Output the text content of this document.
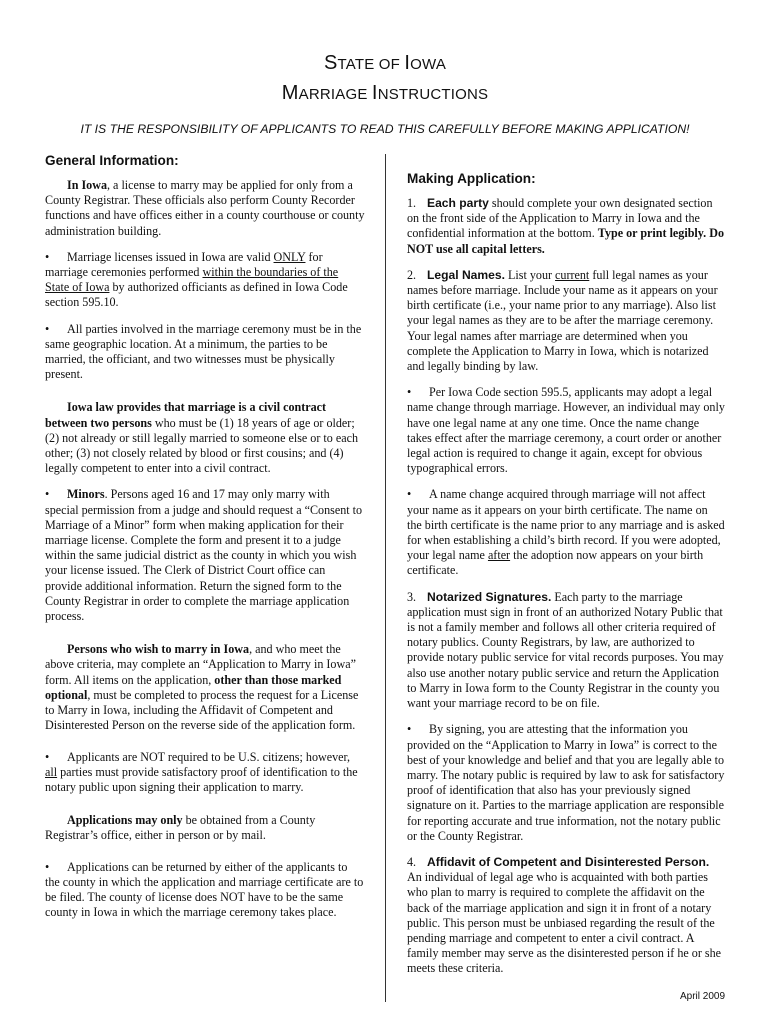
STATE OF IOWA
MARRIAGE INSTRUCTIONS
IT IS THE RESPONSIBILITY OF APPLICANTS TO READ THIS CAREFULLY BEFORE MAKING APPLICATION!
General Information:

In Iowa, a license to marry may be applied for only from a County Registrar. These officials also perform County Recorder functions and have offices either in a county courthouse or county administration building.

• Marriage licenses issued in Iowa are valid ONLY for marriage ceremonies performed within the boundaries of the State of Iowa by authorized officiants as defined in Iowa Code section 595.10.

• All parties involved in the marriage ceremony must be in the same geographic location. At a minimum, the parties to be married, the officiant, and two witnesses must be physically present.

Iowa law provides that marriage is a civil contract between two persons who must be (1) 18 years of age or older; (2) not already or still legally married to someone else or to each other; (3) not closely related by blood or first cousins; and (4) legally competent to enter into a civil contract.

• Minors. Persons aged 16 and 17 may only marry with special permission from a judge and should request a “Consent to Marriage of a Minor” form when making application for their marriage license. Complete the form and present it to a judge within the same judicial district as the county in which you wish your license issued. The Clerk of District Court office can provide additional information. Return the signed form to the County Registrar in order to complete the marriage application process.

Persons who wish to marry in Iowa, and who meet the above criteria, may complete an “Application to Marry in Iowa” form. All items on the application, other than those marked optional, must be completed to process the request for a License to Marry in Iowa, including the Affidavit of Competent and Disinterested Person on the reverse side of the application form.

• Applicants are NOT required to be U.S. citizens; however, all parties must provide satisfactory proof of identification to the notary public upon signing their application to marry.

Applications may only be obtained from a County Registrar’s office, either in person or by mail.

• Applications can be returned by either of the applicants to the county in which the application and marriage certificate are to be filed. The county of license does NOT have to be the same county in Iowa in which the marriage ceremony takes place.

Making Application:

1. Each party should complete your own designated section on the front side of the Application to Marry in Iowa and the confidential information at the bottom. Type or print legibly. Do NOT use all capital letters.

2. Legal Names. List your current full legal names as your names before marriage. Include your name as it appears on your birth certificate (i.e., your name prior to any marriage). Also list your legal names as they are to be after the marriage ceremony. Your legal names after marriage are determined when you complete the Application to Marry in Iowa, which is notarized and legally binding by law.

• Per Iowa Code section 595.5, applicants may adopt a legal name change through marriage. However, an individual may only have one legal name at any one time. Once the name change takes effect after the marriage ceremony, a court order or another legal action is required to change it again, except for obvious typographical errors.

• A name change acquired through marriage will not affect your name as it appears on your birth certificate. The name on the birth certificate is the name prior to any marriage and is asked for when establishing a child’s birth record. If you were adopted, your legal name after the adoption now appears on your birth certificate.

3. Notarized Signatures. Each party to the marriage application must sign in front of an authorized Notary Public that is not a family member and follows all other criteria required of notary publics. County Registrars, by law, are authorized to provide notary public service for vital records purposes. You may also use another notary public service and return the Application to Marry in Iowa form to the County Registrar in the county you want your marriage record to be on file.

• By signing, you are attesting that the information you provided on the “Application to Marry in Iowa” is correct to the best of your knowledge and belief and that you are legally able to marry. The notary public is required by law to ask for satisfactory proof of identification that also has your previously signed signature on it. Parties to the marriage application are responsible for reporting accurate and true information, not the notary public or the County Registrar.

4. Affidavit of Competent and Disinterested Person. An individual of legal age who is acquainted with both parties who plan to marry is required to complete the affidavit on the back of the marriage application and sign it in front of a notary public. This person must be unbiased regarding the result of the pending marriage and competent to enter a civil contract. A family member may serve as the disinterested person if he or she meets these criteria.

April 2009
